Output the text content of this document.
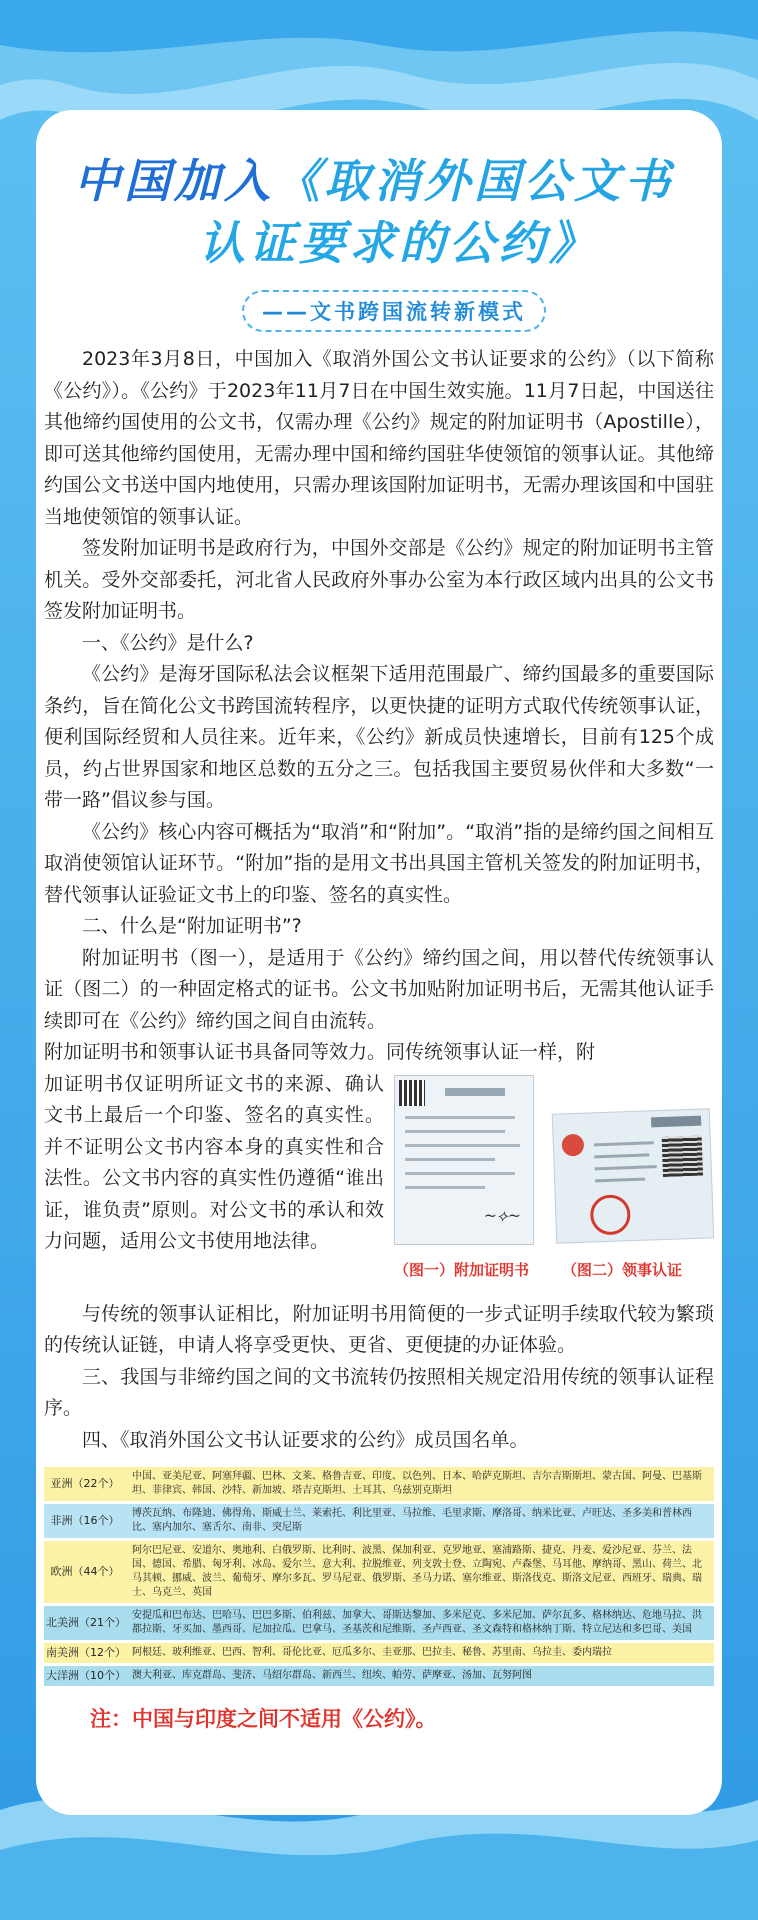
中国加入《取消外国公文书
认证要求的公约》
——文书跨国流转新模式

2023年3月8日，中国加入《取消外国公文书认证要求的公约》（以下简称《公约》）。《公约》于2023年11月7日在中国生效实施。11月7日起，中国送往其他缔约国使用的公文书，仅需办理《公约》规定的附加证明书（Apostille），即可送其他缔约国使用，无需办理中国和缔约国驻华使领馆的领事认证。其他缔约国公文书送中国内地使用，只需办理该国附加证明书，无需办理该国和中国驻当地使领馆的领事认证。

签发附加证明书是政府行为，中国外交部是《公约》规定的附加证明书主管机关。受外交部委托，河北省人民政府外事办公室为本行政区域内出具的公文书签发附加证明书。

一、《公约》是什么?

《公约》是海牙国际私法会议框架下适用范围最广、缔约国最多的重要国际条约，旨在简化公文书跨国流转程序，以更快捷的证明方式取代传统领事认证，便利国际经贸和人员往来。近年来，《公约》新成员快速增长，目前有125个成员，约占世界国家和地区总数的五分之三。包括我国主要贸易伙伴和大多数“一带一路”倡议参与国。

《公约》核心内容可概括为“取消”和“附加”。“取消”指的是缔约国之间相互取消使领馆认证环节。“附加”指的是用文书出具国主管机关签发的附加证明书，替代领事认证验证文书上的印鉴、签名的真实性。

二、什么是“附加证明书”?

附加证明书（图一），是适用于《公约》缔约国之间，用以替代传统领事认证（图二）的一种固定格式的证书。公文书加贴附加证明书后，无需其他认证手续即可在《公约》缔约国之间自由流转。

附加证明书和领事认证书具备同等效力。同传统领事认证一样，附

加证明书仅证明所证文书的来源、确认文书上最后一个印鉴、签名的真实性。并不证明公文书内容本身的真实性和合法性。公文书内容的真实性仍遵循“谁出证，谁负责”原则。对公文书的承认和效力问题，适用公文书使用地法律。

~⟡~
（图一）附加证明书 （图二）领事认证

与传统的领事认证相比，附加证明书用简便的一步式证明手续取代较为繁琐的传统认证链，申请人将享受更快、更省、更便捷的办证体验。

三、我国与非缔约国之间的文书流转仍按照相关规定沿用传统的领事认证程序。

四、《取消外国公文书认证要求的公约》成员国名单。

亚洲（22个）	中国、亚美尼亚、阿塞拜疆、巴林、文莱、格鲁吉亚、印度、以色列、日本、哈萨克斯坦、吉尔吉斯斯坦、蒙古国、阿曼、巴基斯坦、菲律宾、韩国、沙特、新加坡、塔吉克斯坦、土耳其、乌兹别克斯坦
非洲（16个）	博茨瓦纳、布隆迪、佛得角、斯威士兰、莱索托、利比里亚、马拉维、毛里求斯、摩洛哥、纳米比亚、卢旺达、圣多美和普林西比、塞内加尔、塞舌尔、南非、突尼斯
欧洲（44个）	阿尔巴尼亚、安道尔、奥地利、白俄罗斯、比利时、波黑、保加利亚、克罗地亚、塞浦路斯、捷克、丹麦、爱沙尼亚、芬兰、法国、德国、希腊、匈牙利、冰岛、爱尔兰、意大利、拉脱维亚、列支敦士登、立陶宛、卢森堡、马耳他、摩纳哥、黑山、荷兰、北马其顿、挪威、波兰、葡萄牙、摩尔多瓦、罗马尼亚、俄罗斯、圣马力诺、塞尔维亚、斯洛伐克、斯洛文尼亚、西班牙、瑞典、瑞士、乌克兰、英国
北美洲（21个）	安提瓜和巴布达、巴哈马、巴巴多斯、伯利兹、加拿大、哥斯达黎加、多米尼克、多米尼加、萨尔瓦多、格林纳达、危地马拉、洪都拉斯、牙买加、墨西哥、尼加拉瓜、巴拿马、圣基茨和尼维斯、圣卢西亚、圣文森特和格林纳丁斯、特立尼达和多巴哥、美国
南美洲（12个）	阿根廷、玻利维亚、巴西、智利、哥伦比亚、厄瓜多尔、圭亚那、巴拉圭、秘鲁、苏里南、乌拉圭、委内瑞拉
大洋洲（10个）	澳大利亚、库克群岛、斐济、马绍尔群岛、新西兰、纽埃、帕劳、萨摩亚、汤加、瓦努阿图
注：中国与印度之间不适用《公约》。
